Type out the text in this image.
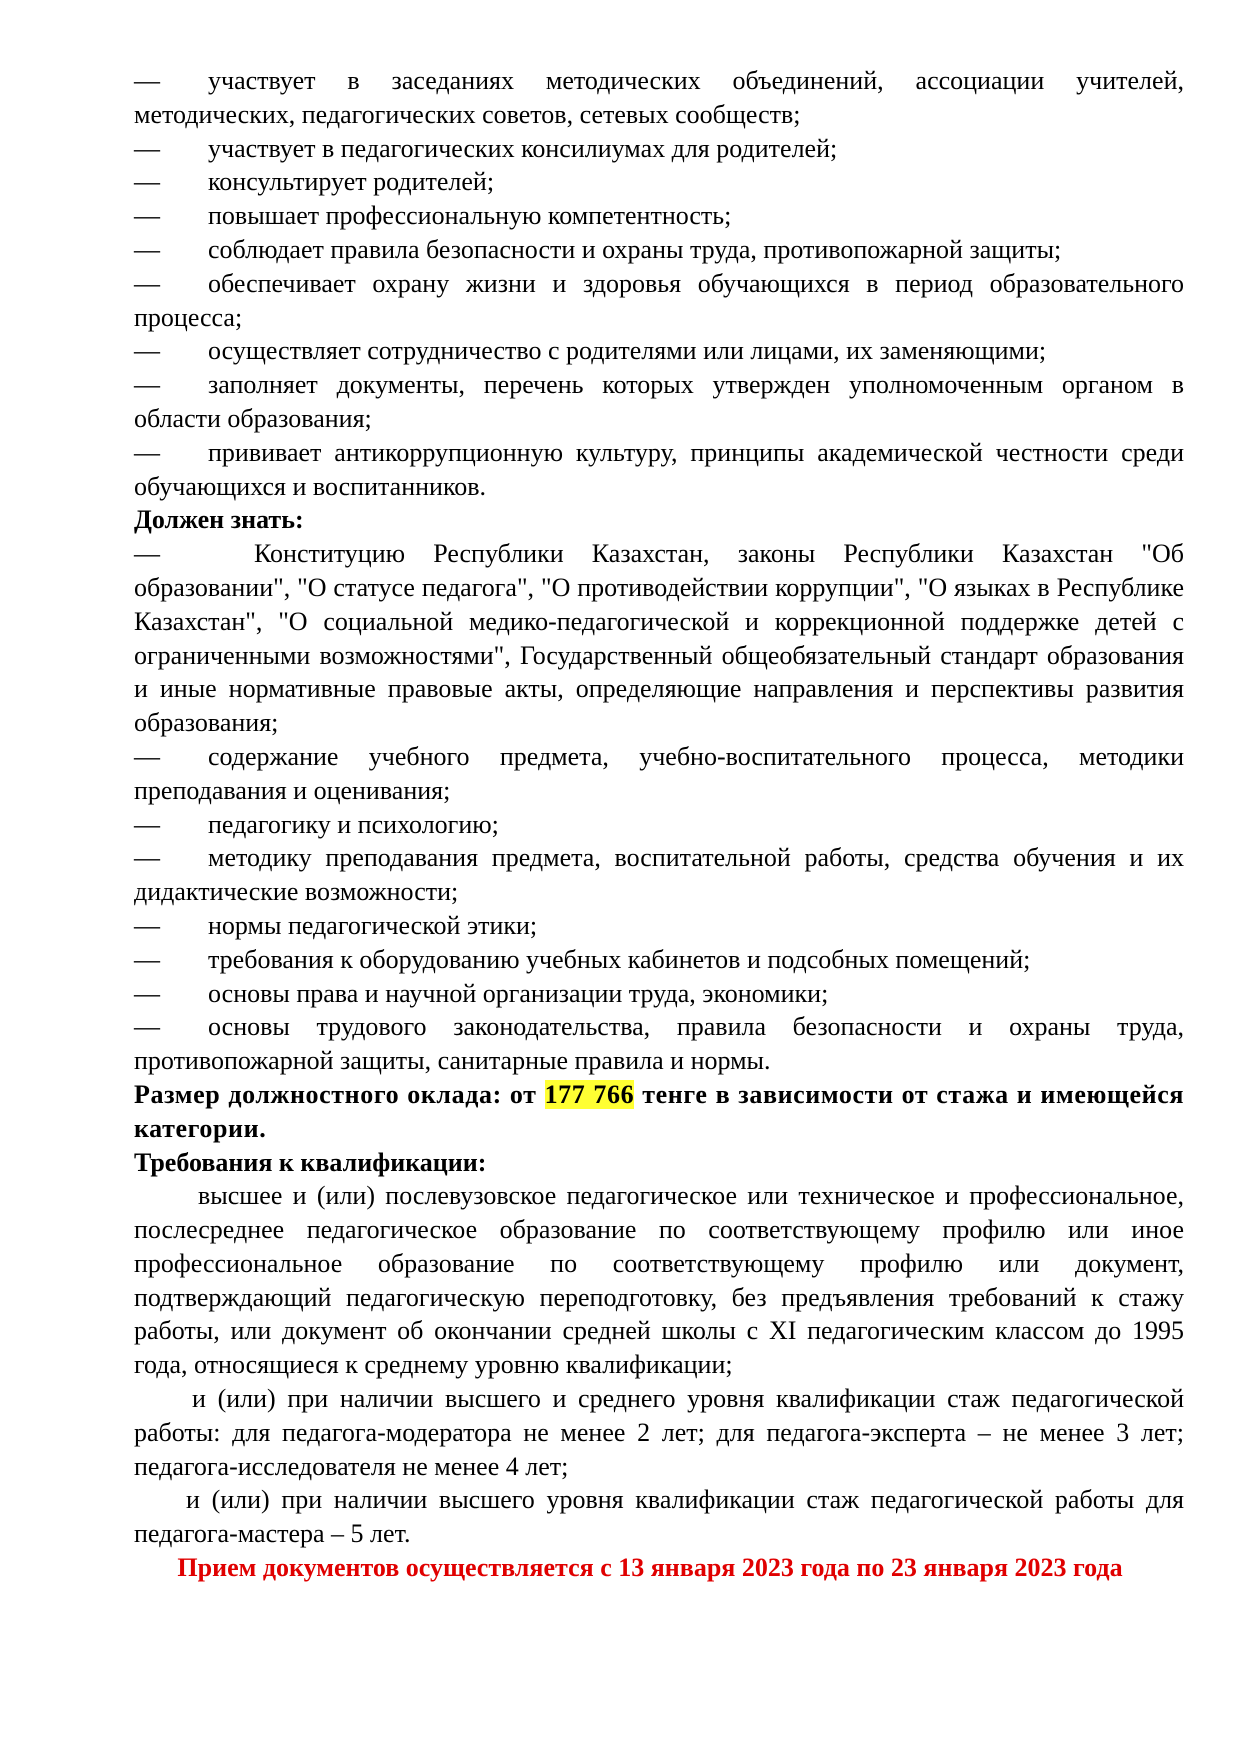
участвует в заседаниях методических объединений, ассоциации учителей, методических, педагогических советов, сетевых сообществ;
участвует в педагогических консилиумах для родителей;
консультирует родителей;
повышает профессиональную компетентность;
соблюдает правила безопасности и охраны труда, противопожарной защиты;
обеспечивает охрану жизни и здоровья обучающихся в период образовательного процесса;
осуществляет сотрудничество с родителями или лицами, их заменяющими;
заполняет документы, перечень которых утвержден уполномоченным органом в области образования;
прививает антикоррупционную культуру, принципы академической честности среди обучающихся и воспитанников.
Должен знать:
Конституцию Республики Казахстан, законы Республики Казахстан "Об образовании", "О статусе педагога", "О противодействии коррупции", "О языках в Республике Казахстан", "О социальной медико-педагогической и коррекционной поддержке детей с ограниченными возможностями", Государственный общеобязательный стандарт образования и иные нормативные правовые акты, определяющие направления и перспективы развития образования;
содержание учебного предмета, учебно-воспитательного процесса, методики преподавания и оценивания;
педагогику и психологию;
методику преподавания предмета, воспитательной работы, средства обучения и их дидактические возможности;
нормы педагогической этики;
требования к оборудованию учебных кабинетов и подсобных помещений;
основы права и научной организации труда, экономики;
основы трудового законодательства, правила безопасности и охраны труда, противопожарной защиты, санитарные правила и нормы.
Размер должностного оклада: от 177 766 тенге в зависимости от стажа и имеющейся категории.
Требования к квалификации:
высшее и (или) послевузовское педагогическое или техническое и профессиональное, послесреднее педагогическое образование по соответствующему профилю или иное профессиональное образование по соответствующему профилю или документ, подтверждающий педагогическую переподготовку, без предъявления требований к стажу работы, или документ об окончании средней школы с XI педагогическим классом до 1995 года, относящиеся к среднему уровню квалификации;
и (или) при наличии высшего и среднего уровня квалификации стаж педагогической работы: для педагога-модератора не менее 2 лет; для педагога-эксперта – не менее 3 лет; педагога-исследователя не менее 4 лет;
и (или) при наличии высшего уровня квалификации стаж педагогической работы для педагога-мастера – 5 лет.
Прием документов осуществляется с 13 января 2023 года по 23 января 2023 года
